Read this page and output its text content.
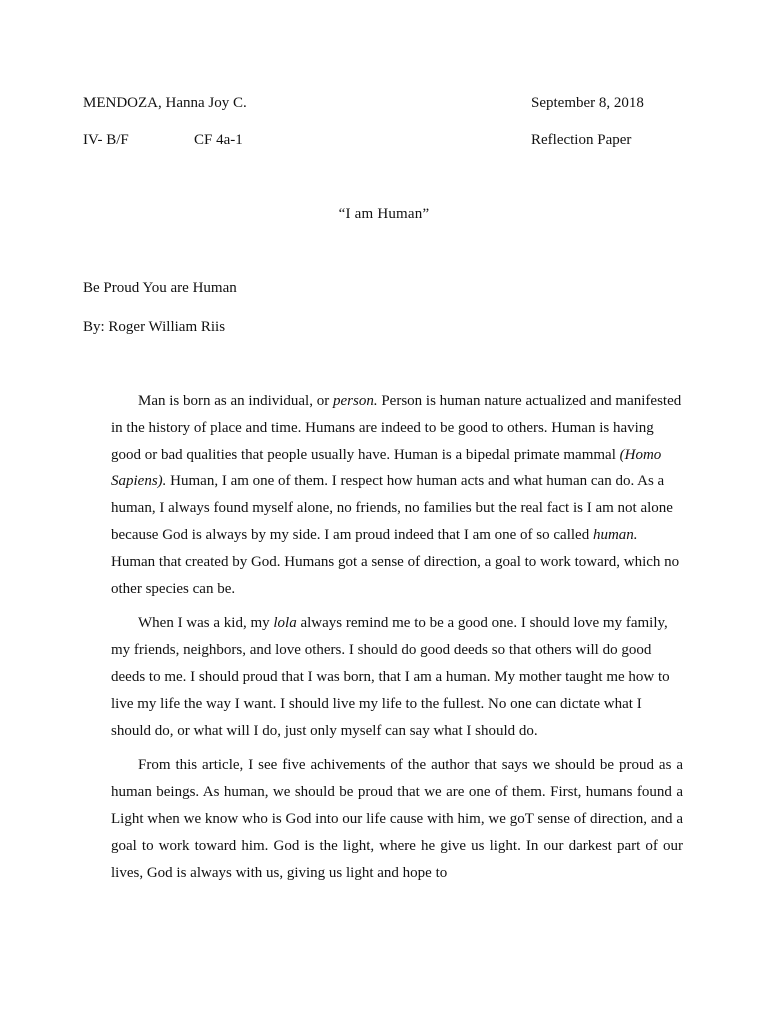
MENDOZA, Hanna Joy C.	September 8, 2018
IV- B/F	CF 4a-1	Reflection Paper
“I am Human”
Be Proud You are Human
By: Roger William Riis

Man is born as an individual, or person. Person is human nature actualized and manifested in the history of place and time. Humans are indeed to be good to others. Human is having good or bad qualities that people usually have. Human is a bipedal primate mammal (Homo Sapiens). Human, I am one of them. I respect how human acts and what human can do. As a human, I always found myself alone, no friends, no families but the real fact is I am not alone because God is always by my side. I am proud indeed that I am one of so called human. Human that created by God. Humans got a sense of direction, a goal to work toward, which no other species can be.

When I was a kid, my lola always remind me to be a good one. I should love my family, my friends, neighbors, and love others. I should do good deeds so that others will do good deeds to me. I should proud that I was born, that I am a human. My mother taught me how to live my life the way I want. I should live my life to the fullest. No one can dictate what I should do, or what will I do, just only myself can say what I should do.

From this article, I see five achivements of the author that says we should be proud as a human beings. As human, we should be proud that we are one of them. First, humans found a Light when we know who is God into our life cause with him, we goT sense of direction, and a goal to work toward him. God is the light, where he give us light. In our darkest part of our lives, God is always with us, giving us light and hope to
